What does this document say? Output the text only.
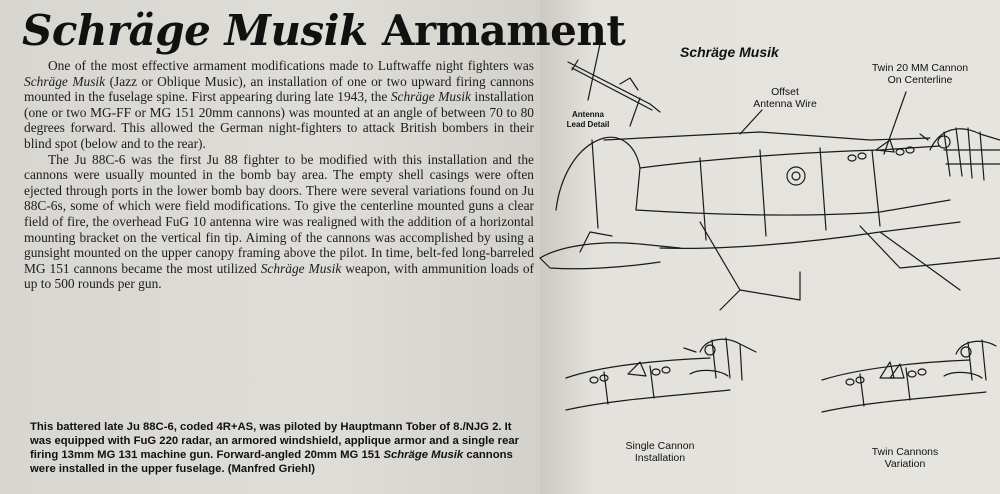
Schräge Musik Armament

One of the most effective armament modifications made to Luftwaffe night fighters was Schräge Musik (Jazz or Oblique Music), an installation of one or two upward firing cannons mounted in the fuselage spine. First appearing during late 1943, the Schräge Musik installation (one or two MG-FF or MG 151 20mm cannons) was mounted at an angle of between 70 to 80 degrees forward. This allowed the German night-fighters to attack British bombers in their blind spot (below and to the rear).

The Ju 88C-6 was the first Ju 88 fighter to be modified with this installation and the cannons were usually mounted in the bomb bay area. The empty shell casings were often ejected through ports in the lower bomb bay doors. There were several variations found on Ju 88C-6s, some of which were field modifications. To give the centerline mounted guns a clear field of fire, the overhead FuG 10 antenna wire was realigned with the addition of a horizontal mounting bracket on the vertical fin tip. Aiming of the cannons was accomplished by using a gunsight mounted on the upper canopy framing above the pilot. In time, belt-fed long-barreled MG 151 cannons became the most utilized Schräge Musik weapon, with ammunition loads of up to 500 rounds per gun.

This battered late Ju 88C-6, coded 4R+AS, was piloted by Hauptmann Tober of 8./NJG 2. It was equipped with FuG 220 radar, an armored windshield, applique armor and a single rear firing 13mm MG 131 machine gun. Forward-angled 20mm MG 151 Schräge Musik cannons were installed in the upper fuselage. (Manfred Griehl)

Schräge Musik
Antenna
Lead Detail
Offset
Antenna Wire
Twin 20 MM Cannon
On Centerline
Single Cannon
Installation	Twin Cannons
Variation
